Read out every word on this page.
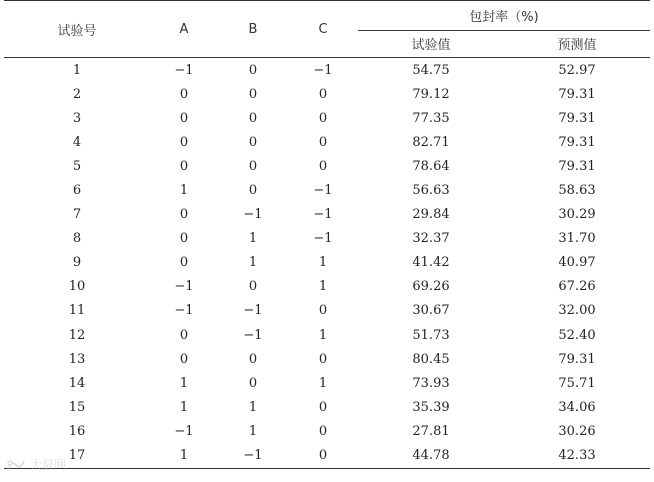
试验号	A	B	C	包封率（%)	
				试验值	预测值
1	−1	0	−1	54.75	52.97
2	0	0	0	79.12	79.31
3	0	0	0	77.35	79.31
4	0	0	0	82.71	79.31
5	0	0	0	78.64	79.31
6	1	0	−1	56.63	58.63
7	0	−1	−1	29.84	30.29
8	0	1	−1	32.37	31.70
9	0	1	1	41.42	40.97
10	−1	0	1	69.26	67.26
11	−1	−1	0	30.67	32.00
12	0	−1	1	51.73	52.40
13	0	0	0	80.45	79.31
14	1	0	1	73.93	75.71
15	1	1	0	35.39	34.06
16	−1	1	0	27.81	30.26
17	1	−1	0	44.78	42.33
大鼠网
